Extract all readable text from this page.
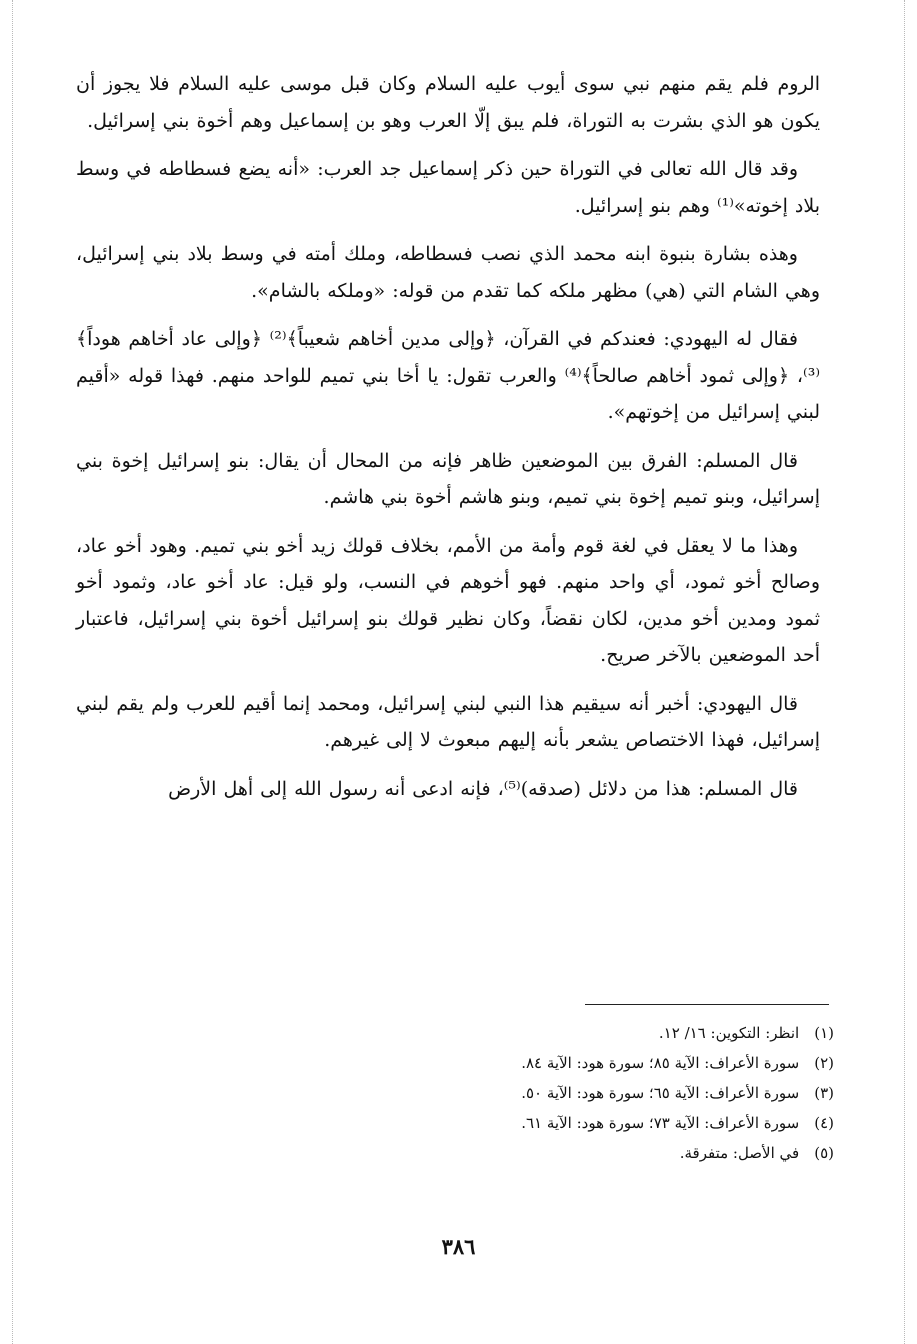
الروم فلم يقم منهم نبي سوى أيوب عليه السلام وكان قبل موسى عليه السلام فلا يجوز أن يكون هو الذي بشرت به التوراة، فلم يبق إلّا العرب وهو بن إسماعيل وهم أخوة بني إسرائيل.

وقد قال الله تعالى في التوراة حين ذكر إسماعيل جد العرب: «أنه يضع فسطاطه في وسط بلاد إخوته»⁽¹⁾ وهم بنو إسرائيل.

وهذه بشارة بنبوة ابنه محمد الذي نصب فسطاطه، وملك أمته في وسط بلاد بني إسرائيل، وهي الشام التي (هي) مظهر ملكه كما تقدم من قوله: «وملكه بالشام».

فقال له اليهودي: فعندكم في القرآن، ﴿وإلى مدين أخاهم شعيباً﴾⁽²⁾ ﴿وإلى عاد أخاهم هوداً﴾⁽³⁾، ﴿وإلى ثمود أخاهم صالحاً﴾⁽⁴⁾ والعرب تقول: يا أخا بني تميم للواحد منهم. فهذا قوله «أقيم لبني إسرائيل من إخوتهم».

قال المسلم: الفرق بين الموضعين ظاهر فإنه من المحال أن يقال: بنو إسرائيل إخوة بني إسرائيل، وبنو تميم إخوة بني تميم، وبنو هاشم أخوة بني هاشم.

وهذا ما لا يعقل في لغة قوم وأمة من الأمم، بخلاف قولك زيد أخو بني تميم. وهود أخو عاد، وصالح أخو ثمود، أي واحد منهم. فهو أخوهم في النسب، ولو قيل: عاد أخو عاد، وثمود أخو ثمود ومدين أخو مدين، لكان نقضاً، وكان نظير قولك بنو إسرائيل أخوة بني إسرائيل، فاعتبار أحد الموضعين بالآخر صريح.

قال اليهودي: أخبر أنه سيقيم هذا النبي لبني إسرائيل، ومحمد إنما أقيم للعرب ولم يقم لبني إسرائيل، فهذا الاختصاص يشعر بأنه إليهم مبعوث لا إلى غيرهم.

قال المسلم: هذا من دلائل (صدقه)⁽⁵⁾، فإنه ادعى أنه رسول الله إلى أهل الأرض

(١) انظر: التكوين: ١٦/ ١٢.
(٢) سورة الأعراف: الآية ٨٥؛ سورة هود: الآية ٨٤.
(٣) سورة الأعراف: الآية ٦٥؛ سورة هود: الآية ٥٠.
(٤) سورة الأعراف: الآية ٧٣؛ سورة هود: الآية ٦١.
(٥) في الأصل: متفرقة.
٣٨٦
